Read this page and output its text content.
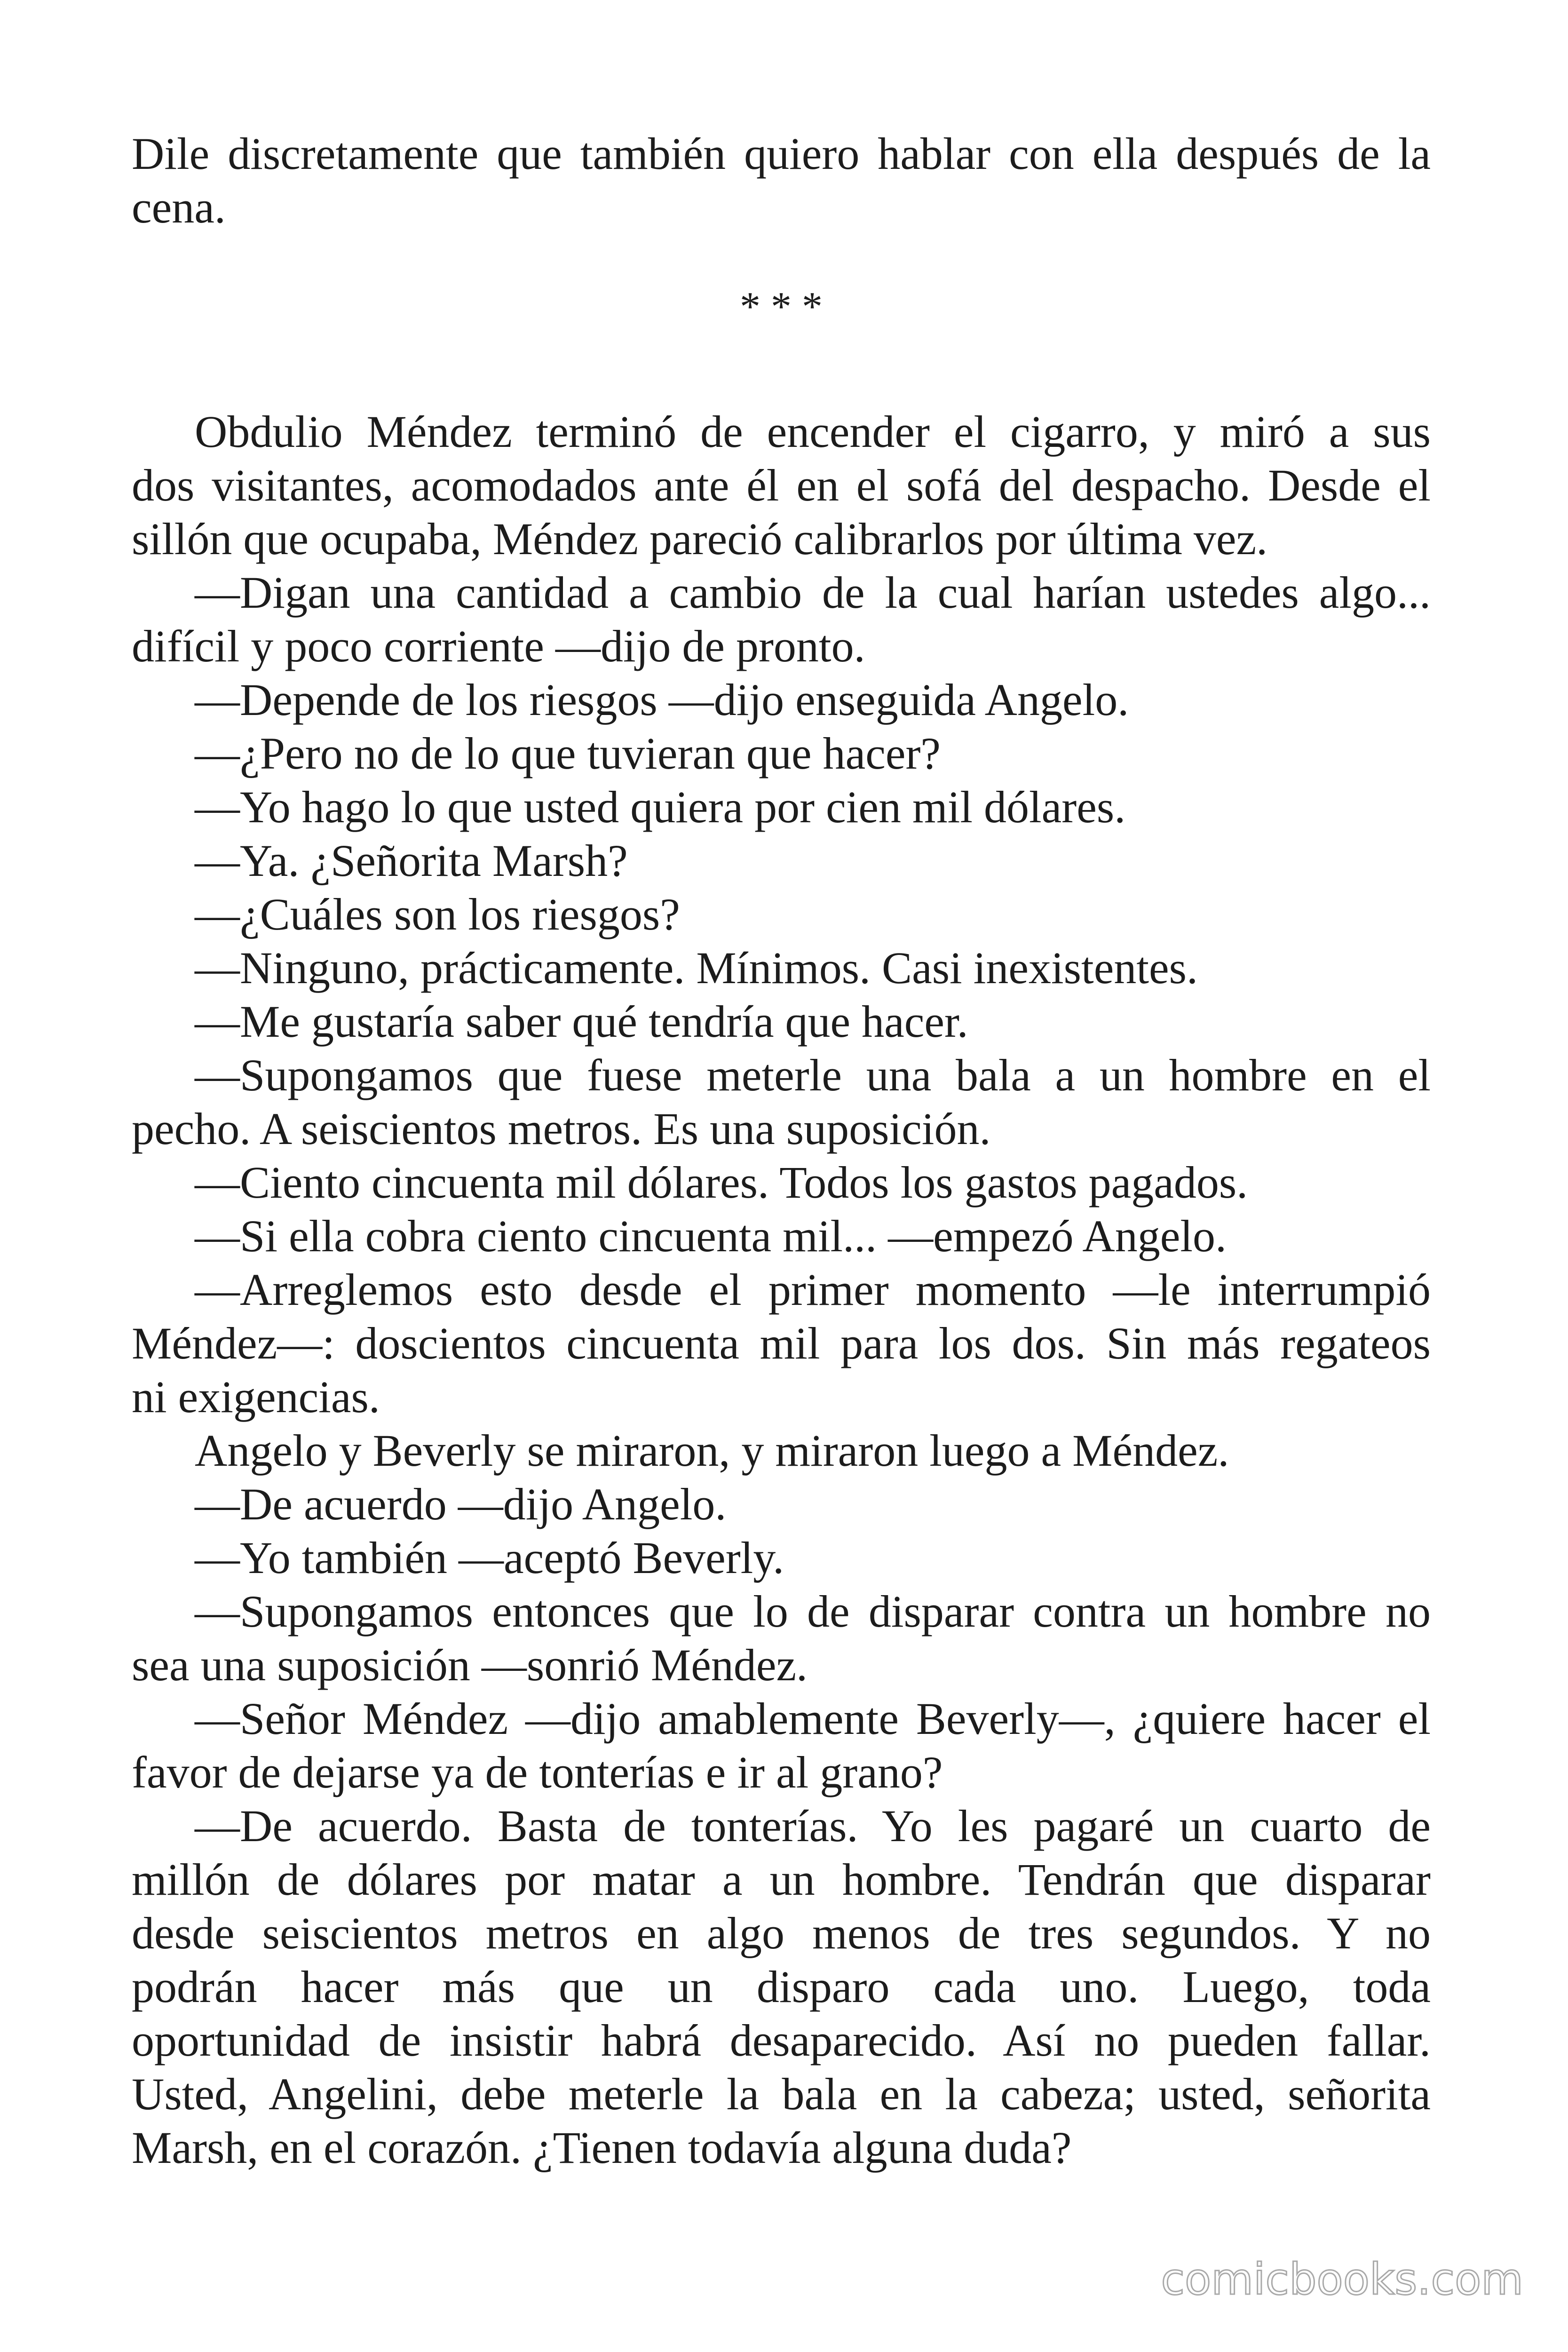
Dile discretamente que también quiero hablar con ella después de la
cena.
* * *
Obdulio Méndez terminó de encender el cigarro, y miró a sus
dos visitantes, acomodados ante él en el sofá del despacho. Desde el
sillón que ocupaba, Méndez pareció calibrarlos por última vez.
—Digan una cantidad a cambio de la cual harían ustedes algo...
difícil y poco corriente —dijo de pronto.
—Depende de los riesgos —dijo enseguida Angelo.
—¿Pero no de lo que tuvieran que hacer?
—Yo hago lo que usted quiera por cien mil dólares.
—Ya. ¿Señorita Marsh?
—¿Cuáles son los riesgos?
—Ninguno, prácticamente. Mínimos. Casi inexistentes.
—Me gustaría saber qué tendría que hacer.
—Supongamos que fuese meterle una bala a un hombre en el
pecho. A seiscientos metros. Es una suposición.
—Ciento cincuenta mil dólares. Todos los gastos pagados.
—Si ella cobra ciento cincuenta mil... —empezó Angelo.
—Arreglemos esto desde el primer momento —le interrumpió
Méndez—: doscientos cincuenta mil para los dos. Sin más regateos
ni exigencias.
Angelo y Beverly se miraron, y miraron luego a Méndez.
—De acuerdo —dijo Angelo.
—Yo también —aceptó Beverly.
—Supongamos entonces que lo de disparar contra un hombre no
sea una suposición —sonrió Méndez.
—Señor Méndez —dijo amablemente Beverly—, ¿quiere hacer el
favor de dejarse ya de tonterías e ir al grano?
—De acuerdo. Basta de tonterías. Yo les pagaré un cuarto de
millón de dólares por matar a un hombre. Tendrán que disparar
desde seiscientos metros en algo menos de tres segundos. Y no
podrán hacer más que un disparo cada uno. Luego, toda
oportunidad de insistir habrá desaparecido. Así no pueden fallar.
Usted, Angelini, debe meterle la bala en la cabeza; usted, señorita
Marsh, en el corazón. ¿Tienen todavía alguna duda?
comicbooks.com
